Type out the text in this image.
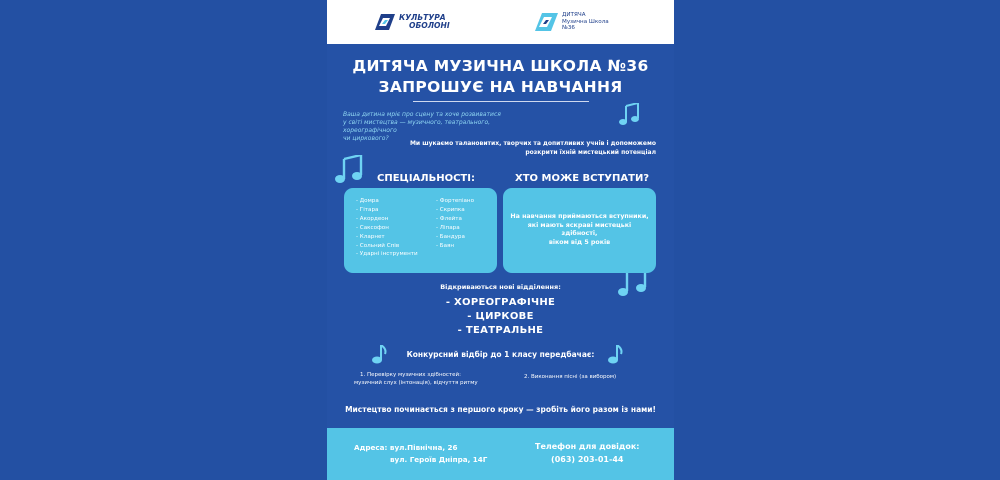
КУЛЬТУРА
ОБОЛОНІ
ДИТЯЧА
Музична Школа
№36
ДИТЯЧА МУЗИЧНА ШКОЛА №36
ЗАПРОШУЄ НА НАВЧАННЯ
Ваша дитина мріє про сцену та хоче розвиватися
у світі мистецтва — музичного, театрального, хореографічного
чи циркового?
Ми шукаємо талановитих, творчих та допитливих учнів і допоможемо
розкрити їхній мистецький потенціал
СПЕЦІАЛЬНОСТІ:	ХТО МОЖЕ ВСТУПАТИ?
- Домра
- Гітара
- Акордеон
- Саксофон
- Кларнет
- Сольний Спів
- Ударні інструменти
- Фортепіано
- Скрипка
- Флейта
- Ліпара
- Бандура
- Баян
На навчання приймаються вступники,
які мають яскраві мистецькі здібності,
віком від 5 років
Відкриваються нові відділення:
- ХОРЕОГРАФІЧНЕ
- ЦИРКОВЕ
- ТЕАТРАЛЬНЕ
Конкурсний відбір до 1 класу передбачає:
1. Перевірку музичних здібностей:
музичний слух (інтонація), відчуття ритму
2. Виконання пісні (за вибором)
Мистецтво починається з першого кроку — зробіть його разом із нами!
Адреса: вул.Північна, 26
вул. Героїв Дніпра, 14Г
Телефон для довідок:
(063) 203-01-44
